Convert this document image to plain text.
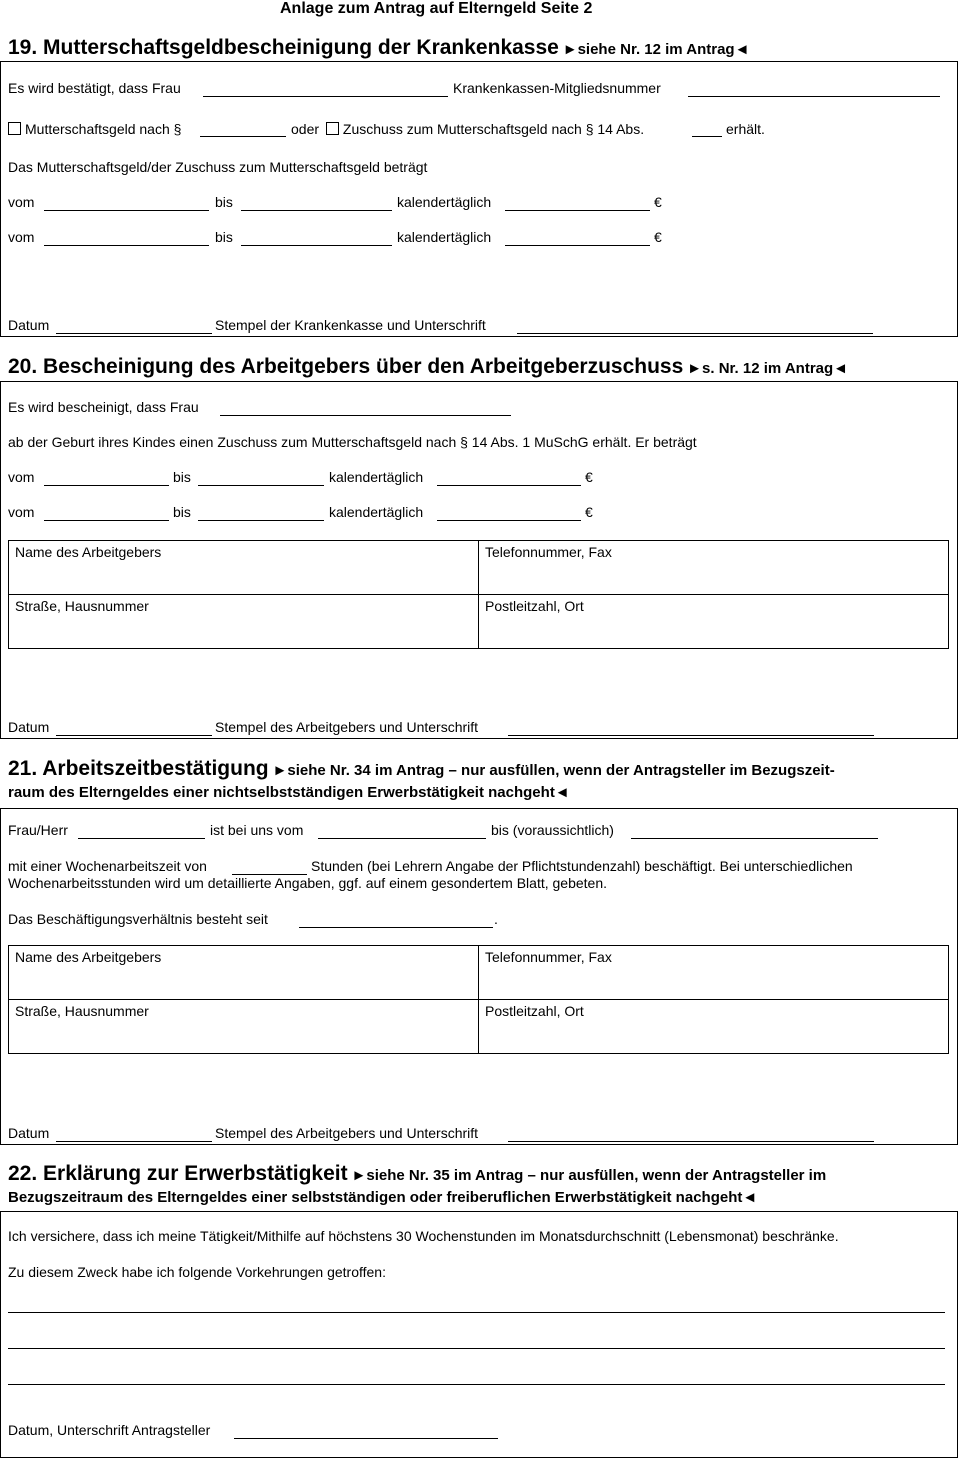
Anlage zum Antrag auf Elterngeld Seite 2
19. Mutterschaftsgeldbescheinigung der Krankenkasse ►siehe Nr. 12 im Antrag◄
Es wird bestätigt, dass Frau	Krankenkassen-Mitgliedsnummer
Mutterschaftsgeld nach §	oder Zuschuss zum Mutterschaftsgeld nach § 14 Abs.	erhält.
Das Mutterschaftsgeld/der Zuschuss zum Mutterschaftsgeld beträgt
vom	bis	kalendertäglich	€
vom	bis	kalendertäglich	€
Datum	Stempel der Krankenkasse und Unterschrift
20. Bescheinigung des Arbeitgebers über den Arbeitgeberzuschuss ►s. Nr. 12 im Antrag◄
Es wird bescheinigt, dass Frau
ab der Geburt ihres Kindes einen Zuschuss zum Mutterschaftsgeld nach § 14 Abs. 1 MuSchG erhält. Er beträgt
vom	bis	kalendertäglich	€
vom	bis	kalendertäglich	€
Name des Arbeitgebers	Telefonnummer, Fax
Straße, Hausnummer	Postleitzahl, Ort
Datum	Stempel des Arbeitgebers und Unterschrift
21. Arbeitszeitbestätigung ►siehe Nr. 34 im Antrag – nur ausfüllen, wenn der Antragsteller im Bezugszeit-
raum des Elterngeldes einer nichtselbstständigen Erwerbstätigkeit nachgeht◄
Frau/Herr	ist bei uns vom	bis (voraussichtlich)
mit einer Wochenarbeitszeit von	Stunden (bei Lehrern Angabe der Pflichtstundenzahl) beschäftigt. Bei unterschiedlichen
Wochenarbeitsstunden wird um detaillierte Angaben, ggf. auf einem gesondertem Blatt, gebeten.
Das Beschäftigungsverhältnis besteht seit	.
Name des Arbeitgebers	Telefonnummer, Fax
Straße, Hausnummer	Postleitzahl, Ort
Datum	Stempel des Arbeitgebers und Unterschrift
22. Erklärung zur Erwerbstätigkeit ►siehe Nr. 35 im Antrag – nur ausfüllen, wenn der Antragsteller im
Bezugszeitraum des Elterngeldes einer selbstständigen oder freiberuflichen Erwerbstätigkeit nachgeht◄
Ich versichere, dass ich meine Tätigkeit/Mithilfe auf höchstens 30 Wochenstunden im Monatsdurchschnitt (Lebensmonat) beschränke.
Zu diesem Zweck habe ich folgende Vorkehrungen getroffen:
Datum, Unterschrift Antragsteller
